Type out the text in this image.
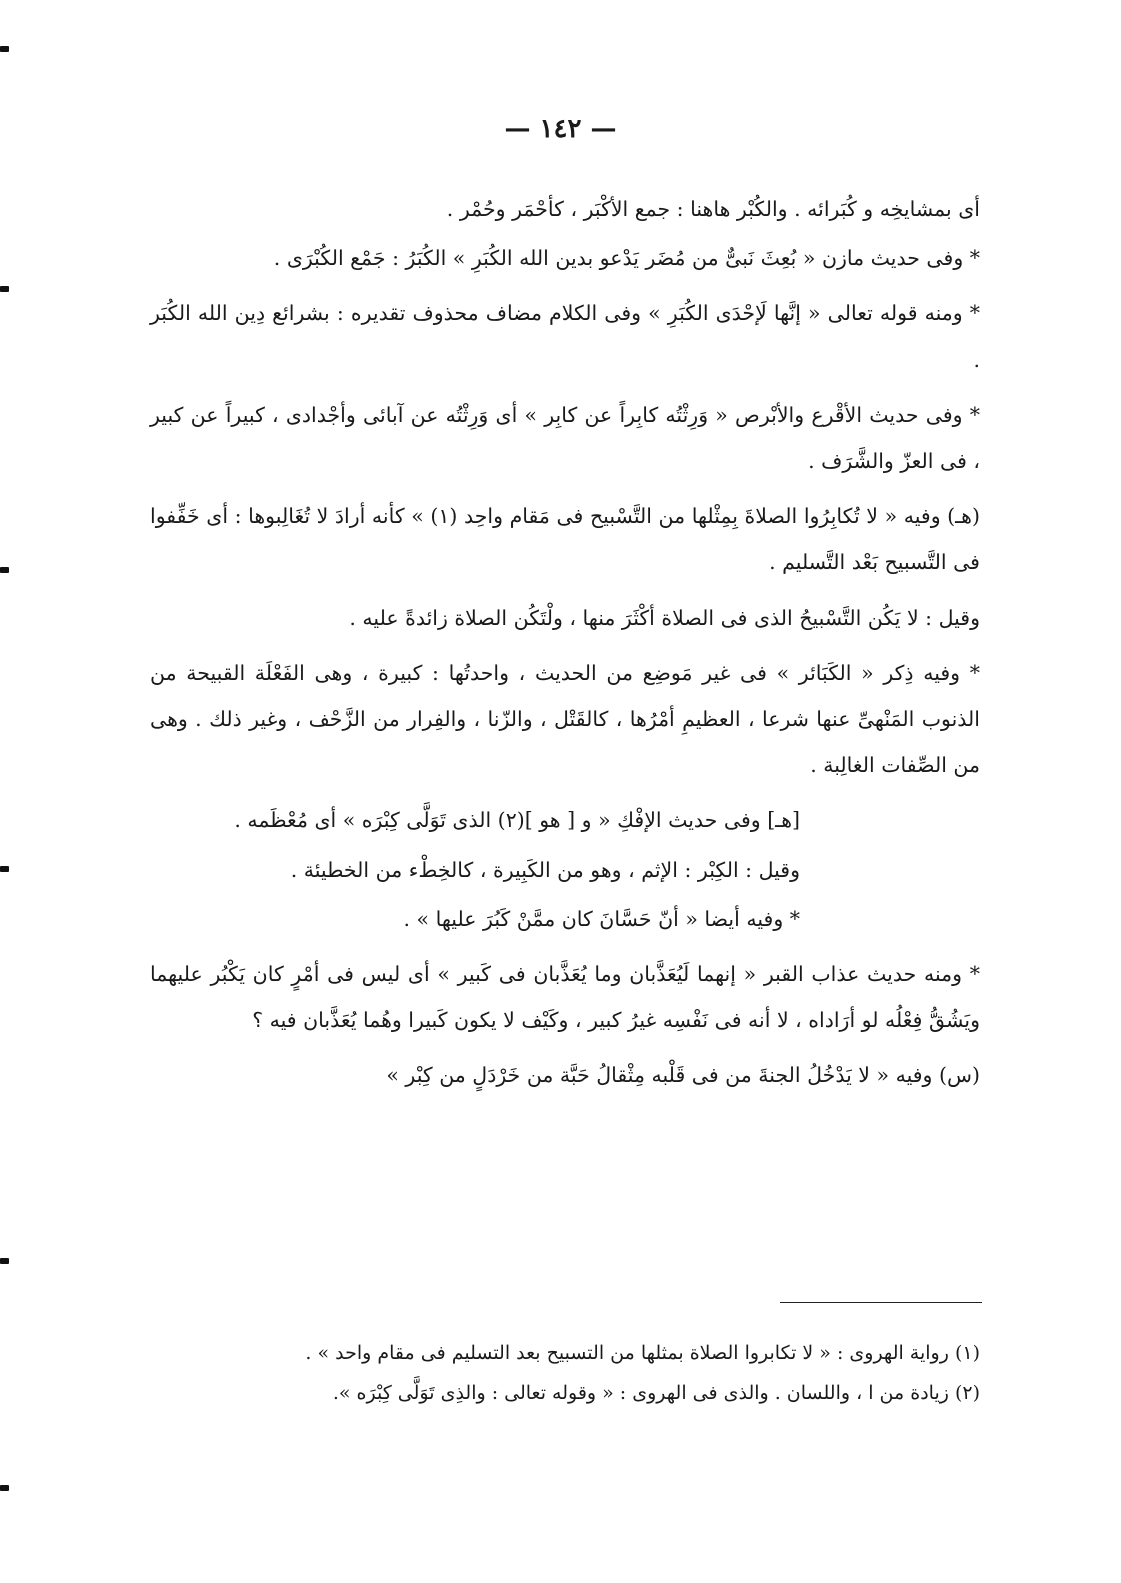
— ١٤٢ —

أى بمشايخِه و كُبَرائه . والكُبْر هاهنا : جمع الأكْبَر ، كأحْمَر وحُمْر .

* وفى حديث مازن « بُعِثَ نَبىٌّ من مُضَر يَدْعو بدين الله الكُبَرِ » الكُبَرُ : جَمْع الكُبْرَى .

* ومنه قوله تعالى « إنَّها لَإحْدَى الكُبَرِ » وفى الكلام مضاف محذوف تقديره : بشرائع دِين الله الكُبَر .

* وفى حديث الأقْرع والأبْرص « وَرِثْتُه كابِراً عن كابِر » أى وَرِثْتُه عن آبائى وأجْدادى ، كبيراً عن كبير ، فى العزّ والشَّرَف .

(هـ) وفيه « لا تُكابِرُوا الصلاةَ بِمِثْلها من التَّسْبيح فى مَقام واحِد (١) » كأنه أرادَ لا تُغَالِبوها : أى خَفِّفوا فى التَّسبيح بَعْد التَّسليم .

وقيل : لا يَكُن التَّسْبيحُ الذى فى الصلاة أكْثَرَ منها ، ولْتَكُن الصلاة زائدةً عليه .

* وفيه ذِكر « الكَبَائر » فى غير مَوضِع من الحديث ، واحدتُها : كبيرة ، وهى الفَعْلَة القبيحة من الذنوب المَنْهىِّ عنها شرعا ، العظيمِ أمْرُها ، كالقَتْل ، والزّنا ، والفِرار من الزَّحْف ، وغير ذلك . وهى من الصِّفات الغالِبة .

[هـ] وفى حديث الإفْكِ « و [ هو ](٢) الذى تَوَلَّى كِبْرَه » أى مُعْظَمه .

وقيل : الكِبْر : الإثم ، وهو من الكَبِيرة ، كالخِطْء من الخطيئة .

* وفيه أيضا « أنّ حَسَّانَ كان ممَّنْ كَبُرَ عليها » .

* ومنه حديث عذاب القبر « إنهما لَيُعَذَّبان وما يُعَذَّبان فى كَبير » أى ليس فى أمْرٍ كان يَكْبُر عليهما ويَشُقُّ فِعْلُه لو أرَاداه ، لا أنه فى نَفْسِه غيرُ كبير ، وكَيْف لا يكون كَبيرا وهُما يُعَذَّبان فيه ؟

(س) وفيه « لا يَدْخُلُ الجنةَ من فى قَلْبه مِثْقالُ حَبَّة من خَرْدَلٍ من كِبْر »

(١) رواية الهروى : « لا تكابروا الصلاة بمثلها من التسبيح بعد التسليم فى مقام واحد » .

(٢) زيادة من ا ، واللسان . والذى فى الهروى : « وقوله تعالى : والذِى تَوَلَّى كِبْرَه ».
